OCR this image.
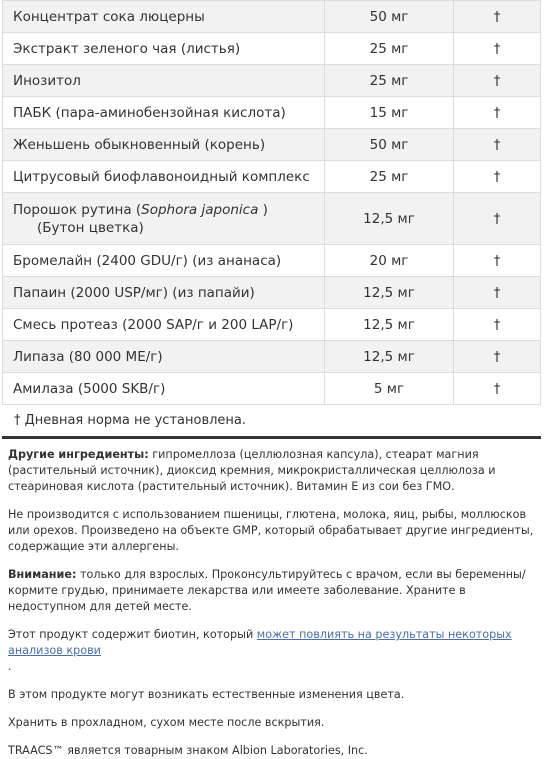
Концентрат сока люцерны	50 мг	†
Экстракт зеленого чая (листья)	25 мг	†
Инозитол	25 мг	†
ПАБК (пара-аминобензойная кислота)	15 мг	†
Женьшень обыкновенный (корень)	50 мг	†
Цитрусовый биофлавоноидный комплекс	25 мг	†
Порошок рутина (Sophora japonica )
(Бутон цветка)	12,5 мг	†
Бромелайн (2400 GDU/г) (из ананаса)	20 мг	†
Папаин (2000 USP/мг) (из папайи)	12,5 мг	†
Смесь протеаз (2000 SAP/г и 200 LAP/г)	12,5 мг	†
Липаза (80 000 МЕ/г)	12,5 мг	†
Амилаза (5000 SKB/г)	5 мг	†
† Дневная норма не установлена.

Другие ингредиенты: гипромеллоза (целлюлозная капсула), стеарат магния (растительный источник), диоксид кремния, микрокристаллическая целлюлоза и стеариновая кислота (растительный источник). Витамин E из сои без ГМО.

Не производится с использованием пшеницы, глютена, молока, яиц, рыбы, моллюсков или орехов. Произведено на объекте GMP, который обрабатывает другие ингредиенты, содержащие эти аллергены.

Внимание: только для взрослых. Проконсультируйтесь с врачом, если вы беременны/кормите грудью, принимаете лекарства или имеете заболевание. Храните в недоступном для детей месте.

Этот продукт содержит биотин, который может повлиять на результаты некоторых анализов крови
.

В этом продукте могут возникать естественные изменения цвета.

Хранить в прохладном, сухом месте после вскрытия.

TRAACS™ является товарным знаком Albion Laboratories, Inc.
